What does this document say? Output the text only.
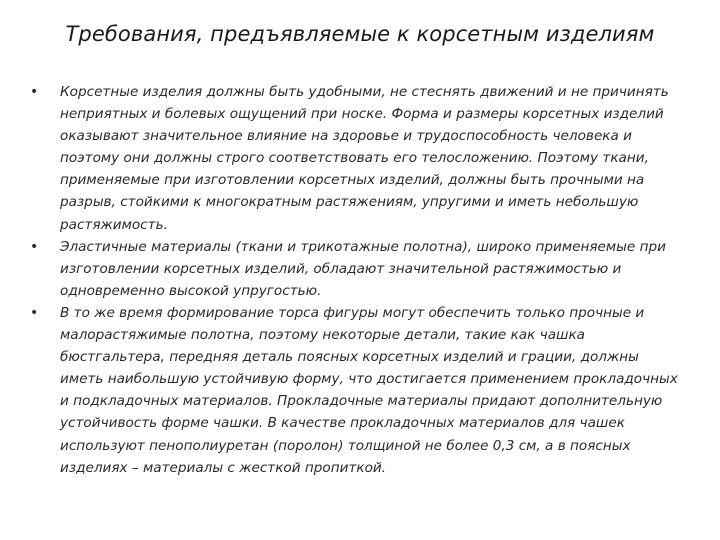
Требования, предъявляемые к корсетным изделиям
• Корсетные изделия должны быть удобными, не стеснять движений и не причинять неприятных и болевых ощущений при носке. Форма и размеры корсетных изделий оказывают значительное влияние на здоровье и трудоспособность человека и поэтому они должны строго соответствовать его телосложению. Поэтому ткани, применяемые при изготовлении корсетных изделий, должны быть прочными на разрыв, стойкими к многократным растяжениям, упругими и иметь небольшую растяжимость.
• Эластичные материалы (ткани и трикотажные полотна), широко применяемые при изготовлении корсетных изделий, обладают значительной растяжимостью и одновременно высокой упругостью.
• В то же время формирование торса фигуры могут обеспечить только прочные и малорастяжимые полотна, поэтому некоторые детали, такие как чашка бюстгальтера, передняя деталь поясных корсетных изделий и грации, должны иметь наибольшую устойчивую форму, что достигается применением прокладочных и подкладочных материалов. Прокладочные материалы придают дополнительную устойчивость форме чашки. В качестве прокладочных материалов для чашек используют пенополиуретан (поролон) толщиной не более 0,3 см, а в поясных изделиях – материалы с жесткой пропиткой.
